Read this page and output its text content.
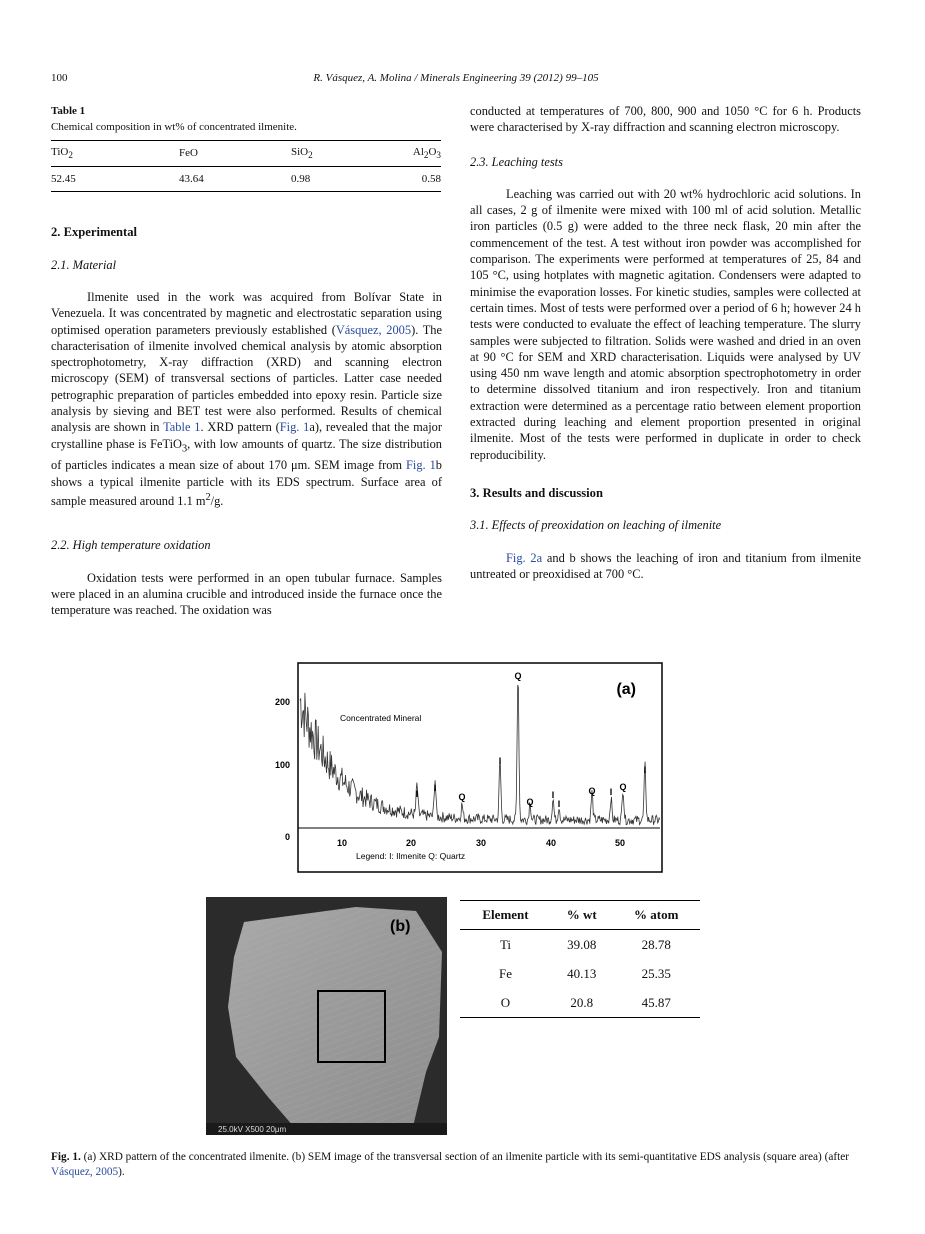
100	R. Vásquez, A. Molina / Minerals Engineering 39 (2012) 99–105
Table 1
Chemical composition in wt% of concentrated ilmenite.
TiO$_2$	FeO	SiO$_2$	$Al_2O_3$
52.45	43.64	0.98	0.58

2. Experimental

2.1. Material

Ilmenite used in the work was acquired from Bolívar State in Venezuela. It was concentrated by magnetic and electrostatic separation using optimised operation parameters previously established (Vásquez, 2005). The characterisation of ilmenite involved chemical analysis by atomic absorption spectrophotometry, X-ray diffraction (XRD) and scanning electron microscopy (SEM) of transversal sections of particles. Latter case needed petrographic preparation of particles embedded into epoxy resin. Particle size analysis by sieving and BET test were also performed. Results of chemical analysis are shown in Table 1. XRD pattern (Fig. 1a), revealed that the major crystalline phase is FeTiO$_3$, with low amounts of quartz. The size distribution of particles indicates a mean size of about 170 μm. SEM image from Fig. 1b shows a typical ilmenite particle with its EDS spectrum. Surface area of sample measured around 1.1 $m^2/g$.

2.2. High temperature oxidation

Oxidation tests were performed in an open tubular furnace. Samples were placed in an alumina crucible and introduced inside the furnace once the temperature was reached. The oxidation was

conducted at temperatures of 700, 800, 900 and 1050 °C for 6 h. Products were characterised by X-ray diffraction and scanning electron microscopy.

2.3. Leaching tests

Leaching was carried out with 20 wt% hydrochloric acid solutions. In all cases, 2 g of ilmenite were mixed with 100 ml of acid solution. Metallic iron particles (0.5 g) were added to the three neck flask, 20 min after the commencement of the test. A test without iron powder was accomplished for comparison. The experiments were performed at temperatures of 25, 84 and 105 °C, using hotplates with magnetic agitation. Condensers were adapted to minimise the evaporation losses. For kinetic studies, samples were collected at certain times. Most of tests were performed over a period of 6 h; however 24 h tests were conducted to evaluate the effect of leaching temperature. The slurry samples were subjected to filtration. Solids were washed and dried in an oven at 90 °C for SEM and XRD characterisation. Liquids were analysed by UV using 450 nm wave length and atomic absorption spectrophotometry in order to determine dissolved titanium and iron respectively. Iron and titanium extraction were determined as a percentage ratio between element proportion extracted during leaching and element proportion presented in original ilmenite. Most of the tests were performed in duplicate in order to check reproducibility.

3. Results and discussion

3.1. Effects of preoxidation on leaching of ilmenite

Fig. 2a and b shows the leaching of iron and titanium from ilmenite untreated or preoxidised at 700 °C.

200
100
0
10	20	30	40	50
Concentrated Mineral
Legend: I: Ilmenite Q: Quartz
(a)
I
I
Q
I
Q
Q
I
I
Q I Q
I
25.0kV X500 20μm
(b)
Element	% wt	% atom
Ti	39.08	28.78
Fe	40.13	25.35
O	20.8	45.87
Fig. 1. (a) XRD pattern of the concentrated ilmenite. (b) SEM image of the transversal section of an ilmenite particle with its semi-quantitative EDS analysis (square area) (after Vásquez, 2005).
